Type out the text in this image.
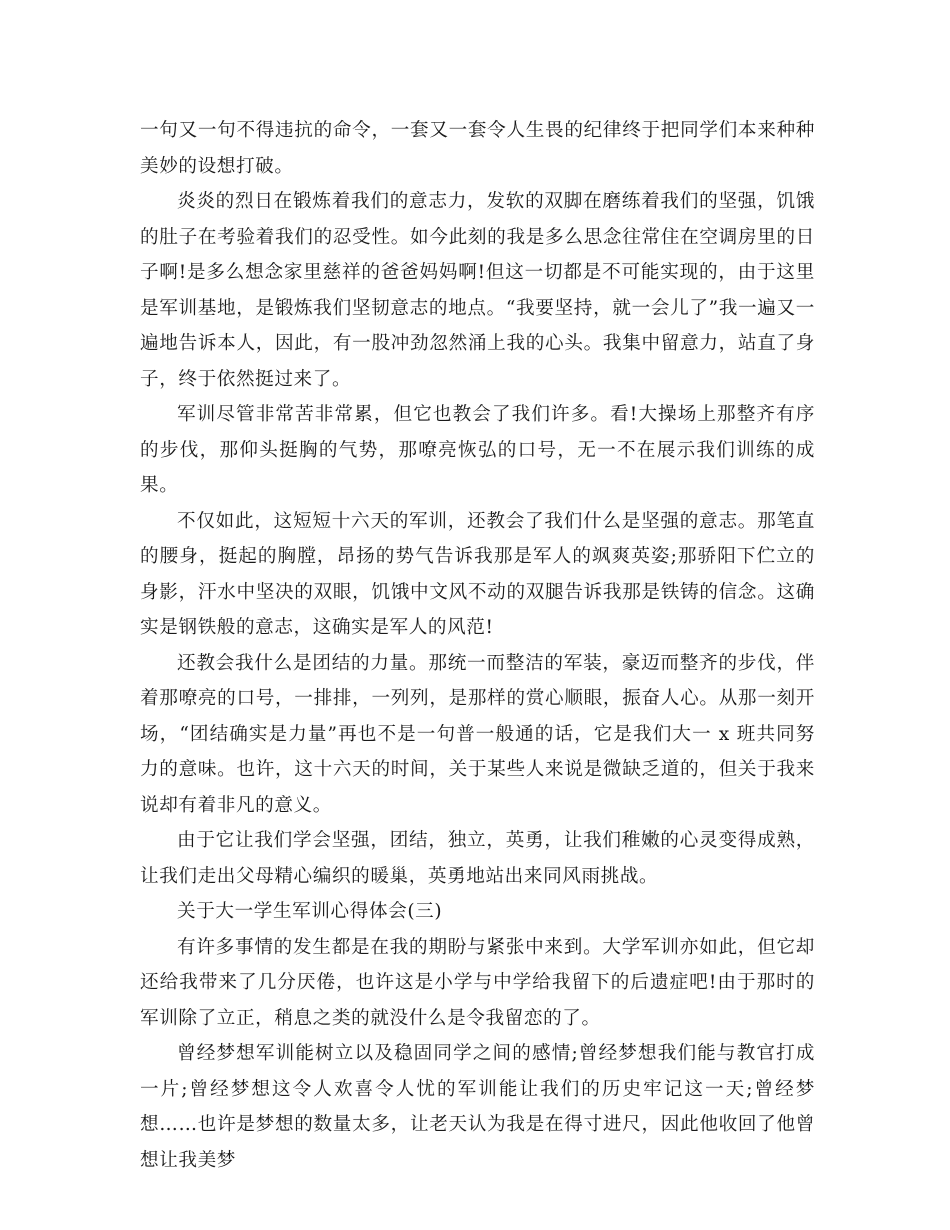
一句又一句不得违抗的命令，一套又一套令人生畏的纪律终于把同学们本来种种美妙的设想打破。

炎炎的烈日在锻炼着我们的意志力，发软的双脚在磨练着我们的坚强，饥饿的肚子在考验着我们的忍受性。如今此刻的我是多么思念往常住在空调房里的日子啊!是多么想念家里慈祥的爸爸妈妈啊!但这一切都是不可能实现的，由于这里是军训基地，是锻炼我们坚韧意志的地点。“我要坚持，就一会儿了”我一遍又一遍地告诉本人，因此，有一股冲劲忽然涌上我的心头。我集中留意力，站直了身子，终于依然挺过来了。

军训尽管非常苦非常累，但它也教会了我们许多。看!大操场上那整齐有序的步伐，那仰头挺胸的气势，那嘹亮恢弘的口号，无一不在展示我们训练的成果。

不仅如此，这短短十六天的军训，还教会了我们什么是坚强的意志。那笔直的腰身，挺起的胸膛，昂扬的势气告诉我那是军人的飒爽英姿;那骄阳下伫立的身影，汗水中坚决的双眼，饥饿中文风不动的双腿告诉我那是铁铸的信念。这确实是钢铁般的意志，这确实是军人的风范!

还教会我什么是团结的力量。那统一而整洁的军装，豪迈而整齐的步伐，伴着那嘹亮的口号，一排排，一列列，是那样的赏心顺眼，振奋人心。从那一刻开场，“团结确实是力量”再也不是一句普一般通的话，它是我们大一 x 班共同努力的意味。也许，这十六天的时间，关于某些人来说是微缺乏道的，但关于我来说却有着非凡的意义。

由于它让我们学会坚强，团结，独立，英勇，让我们稚嫩的心灵变得成熟，让我们走出父母精心编织的暖巢，英勇地站出来同风雨挑战。

关于大一学生军训心得体会(三)

有许多事情的发生都是在我的期盼与紧张中来到。大学军训亦如此，但它却还给我带来了几分厌倦，也许这是小学与中学给我留下的后遗症吧!由于那时的军训除了立正，稍息之类的就没什么是令我留恋的了。

曾经梦想军训能树立以及稳固同学之间的感情;曾经梦想我们能与教官打成一片;曾经梦想这令人欢喜令人忧的军训能让我们的历史牢记这一天;曾经梦想……也许是梦想的数量太多，让老天认为我是在得寸进尺，因此他收回了他曾想让我美梦
